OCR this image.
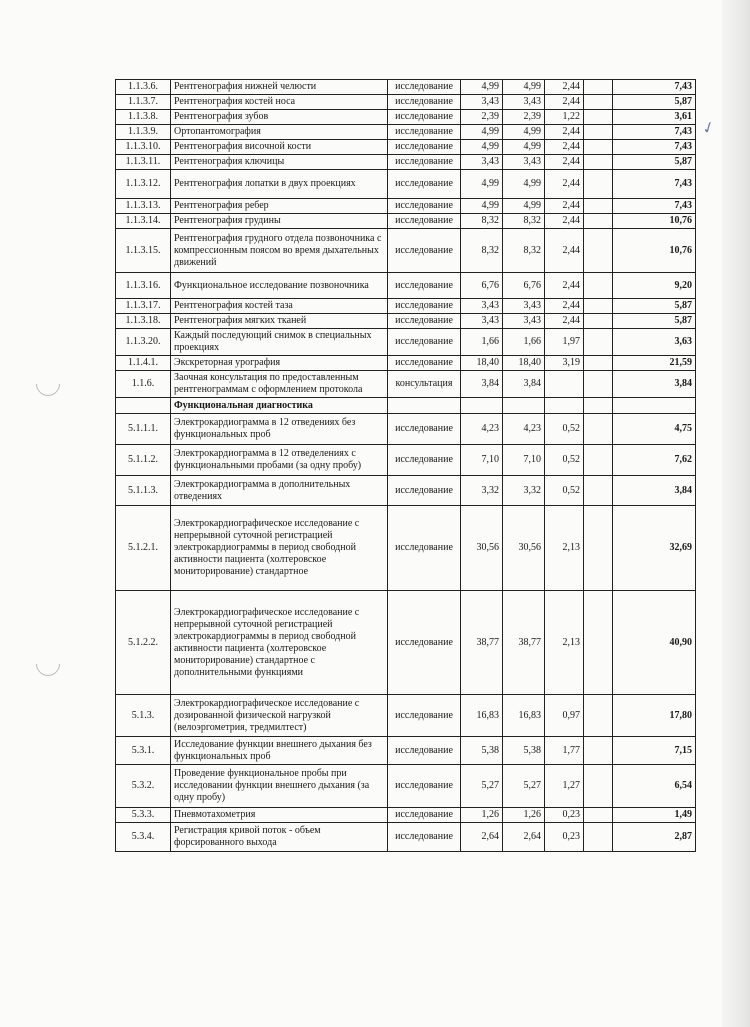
✓
1.1.3.6.	Рентгенография нижней челюсти	исследование	4,99	4,99	2,44		7,43
1.1.3.7.	Рентгенография костей носа	исследование	3,43	3,43	2,44		5,87
1.1.3.8.	Рентгенография зубов	исследование	2,39	2,39	1,22		3,61
1.1.3.9.	Ортопантомография	исследование	4,99	4,99	2,44		7,43
1.1.3.10.	Рентгенография височной кости	исследование	4,99	4,99	2,44		7,43
1.1.3.11.	Рентгенография ключицы	исследование	3,43	3,43	2,44		5,87
1.1.3.12.	Рентгенография лопатки в двух проекциях	исследование	4,99	4,99	2,44		7,43
1.1.3.13.	Рентгенография ребер	исследование	4,99	4,99	2,44		7,43
1.1.3.14.	Рентгенография грудины	исследование	8,32	8,32	2,44		10,76
1.1.3.15.	Рентгенография грудного отдела позвоночника с компрессионным поясом во время дыхательных движений	исследование	8,32	8,32	2,44		10,76
1.1.3.16.	Функциональное исследование позвоночника	исследование	6,76	6,76	2,44		9,20
1.1.3.17.	Рентгенография костей таза	исследование	3,43	3,43	2,44		5,87
1.1.3.18.	Рентгенография мягких тканей	исследование	3,43	3,43	2,44		5,87
1.1.3.20.	Каждый последующий снимок в специальных проекциях	исследование	1,66	1,66	1,97		3,63
1.1.4.1.	Экскреторная урография	исследование	18,40	18,40	3,19		21,59
1.1.6.	Заочная консультация по предоставленным рентгенограммам с оформлением протокола	консультация	3,84	3,84			3,84
	Функциональная диагностика						
5.1.1.1.	Электрокардиограмма в 12 отведениях без функциональных проб	исследование	4,23	4,23	0,52		4,75
5.1.1.2.	Электрокардиограмма в 12 отведелениях с функциональными пробами (за одну пробу)	исследование	7,10	7,10	0,52		7,62
5.1.1.3.	Электрокардиограмма в дополнительных отведениях	исследование	3,32	3,32	0,52		3,84
5.1.2.1.	Электрокардиографическое исследование с непрерывной суточной регистрацией электрокардиограммы в период свободной активности пациента (холтеровское мониторирование) стандартное	исследование	30,56	30,56	2,13		32,69
5.1.2.2.	Электрокардиографическое исследование с непрерывной суточной регистрацией электрокардиограммы в период свободной активности пациента (холтеровское мониторирование) стандартное с дополнительными функциями	исследование	38,77	38,77	2,13		40,90
5.1.3.	Электрокардиографическое исследование с дозированной физической нагрузкой (велоэргометрия, тредмилтест)	исследование	16,83	16,83	0,97		17,80
5.3.1.	Исследование функции внешнего дыхания без функциональных проб	исследование	5,38	5,38	1,77		7,15
5.3.2.	Проведение функциональное пробы при исследовании функции внешнего дыхания (за одну пробу)	исследование	5,27	5,27	1,27		6,54
5.3.3.	Пневмотахометрия	исследование	1,26	1,26	0,23		1,49
5.3.4.	Регистрация кривой поток - объем форсированного выхода	исследование	2,64	2,64	0,23		2,87
